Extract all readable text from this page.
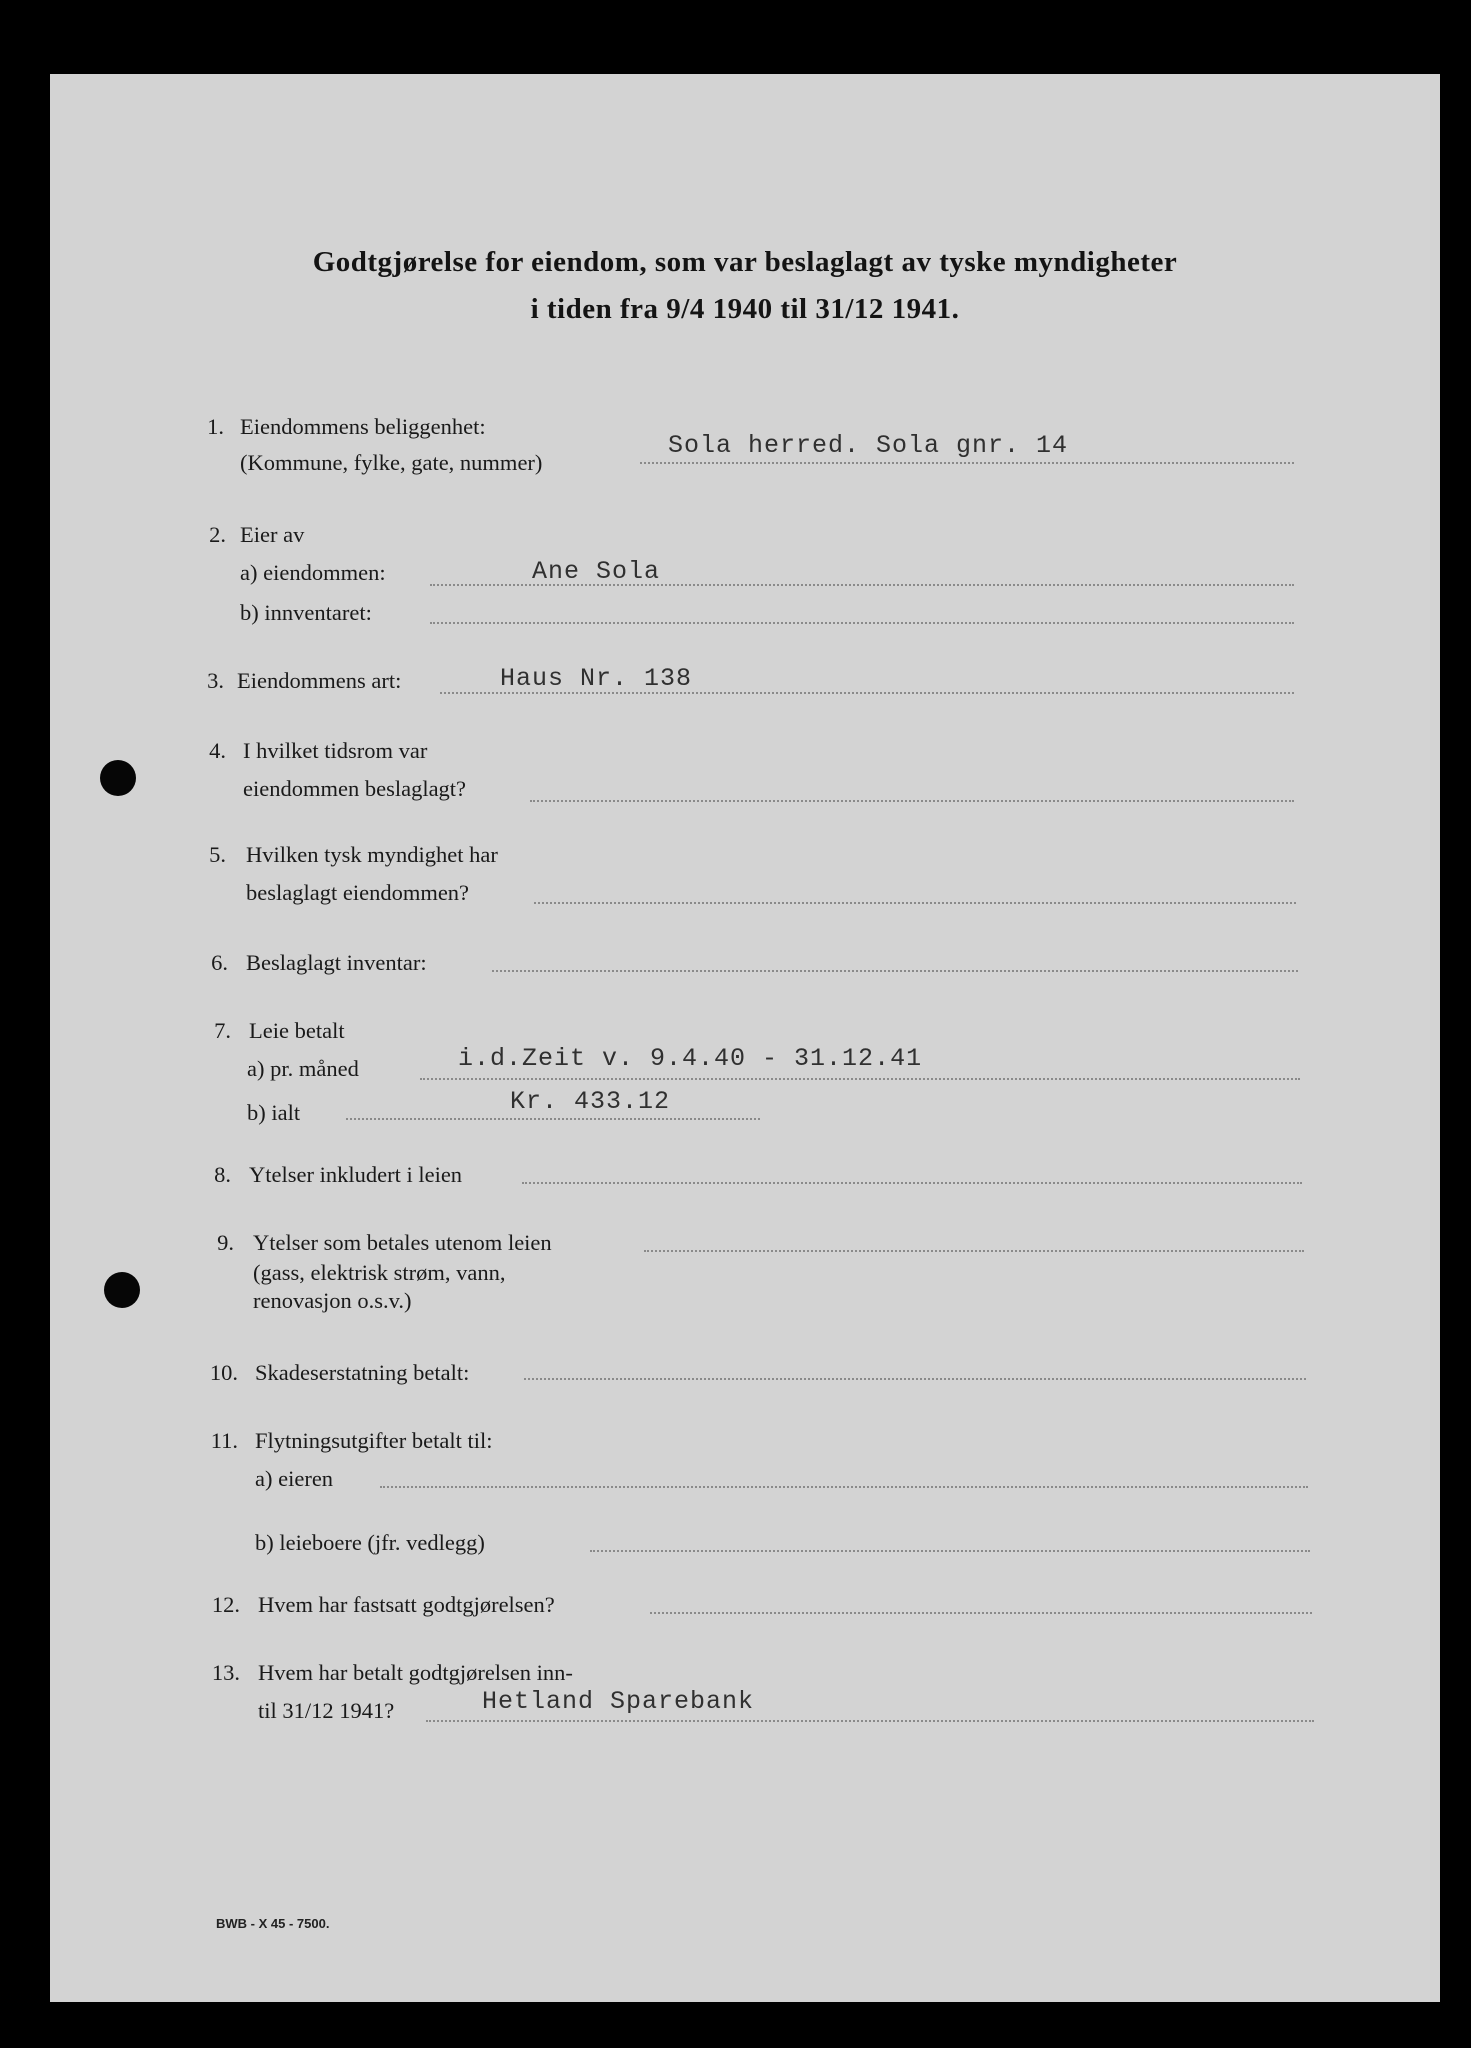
Godtgjørelse for eiendom, som var beslaglagt av tyske myndigheter
i tiden fra 9/4 1940 til 31/12 1941.
1. Eiendommens beliggenhet:
(Kommune, fylke, gate, nummer)
Sola herred. Sola gnr. 14
2. Eier av
a) eiendommen:	Ane Sola
b) innventaret:
3. Eiendommens art:	Haus Nr. 138
4. I hvilket tidsrom var
eiendommen beslaglagt?
5. Hvilken tysk myndighet har
beslaglagt eiendommen?
6. Beslaglagt inventar:
7. Leie betalt
a) pr. måned	i.d.Zeit v. 9.4.40 - 31.12.41
b) ialt	Kr. 433.12
8. Ytelser inkludert i leien
9. Ytelser som betales utenom leien
(gass, elektrisk strøm, vann,
renovasjon o.s.v.)
10. Skadeserstatning betalt:
11. Flytningsutgifter betalt til:
a) eieren
b) leieboere (jfr. vedlegg)
12. Hvem har fastsatt godtgjørelsen?
13. Hvem har betalt godtgjørelsen inn-
til 31/12 1941?	Hetland Sparebank
BWB - X 45 - 7500.
